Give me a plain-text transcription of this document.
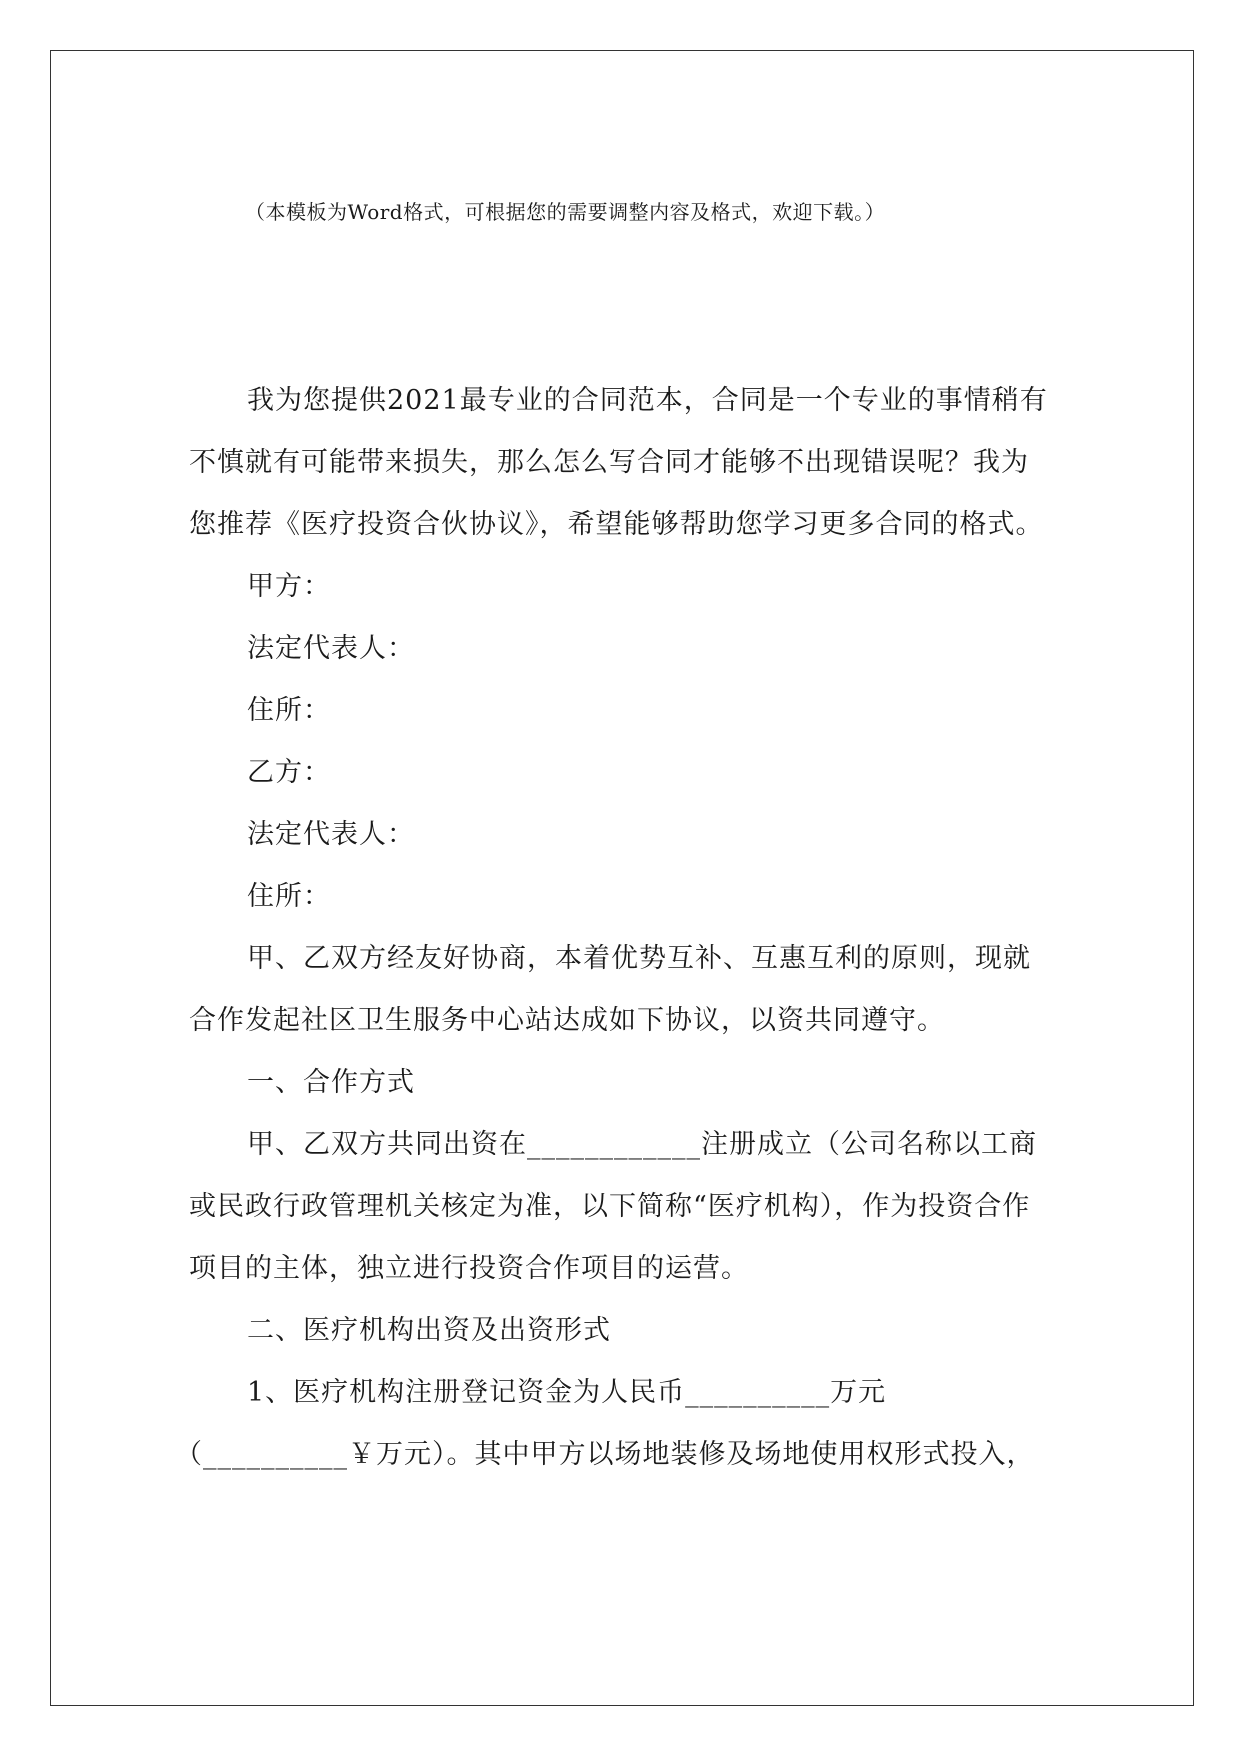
（本模板为Word格式，可根据您的需要调整内容及格式，欢迎下载。）

我为您提供2021最专业的合同范本，合同是一个专业的事情稍有不慎就有可能带来损失，那么怎么写合同才能够不出现错误呢？我为您推荐《医疗投资合伙协议》，希望能够帮助您学习更多合同的格式。

甲方：

法定代表人：

住所：

乙方：

法定代表人：

住所：

甲、乙双方经友好协商，本着优势互补、互惠互利的原则，现就合作发起社区卫生服务中心站达成如下协议，以资共同遵守。

一、合作方式

甲、乙双方共同出资在____________注册成立（公司名称以工商或民政行政管理机关核定为准，以下简称“医疗机构），作为投资合作项目的主体，独立进行投资合作项目的运营。

二、医疗机构出资及出资形式

1、医疗机构注册登记资金为人民币__________万元

（__________￥万元）。其中甲方以场地装修及场地使用权形式投入，
